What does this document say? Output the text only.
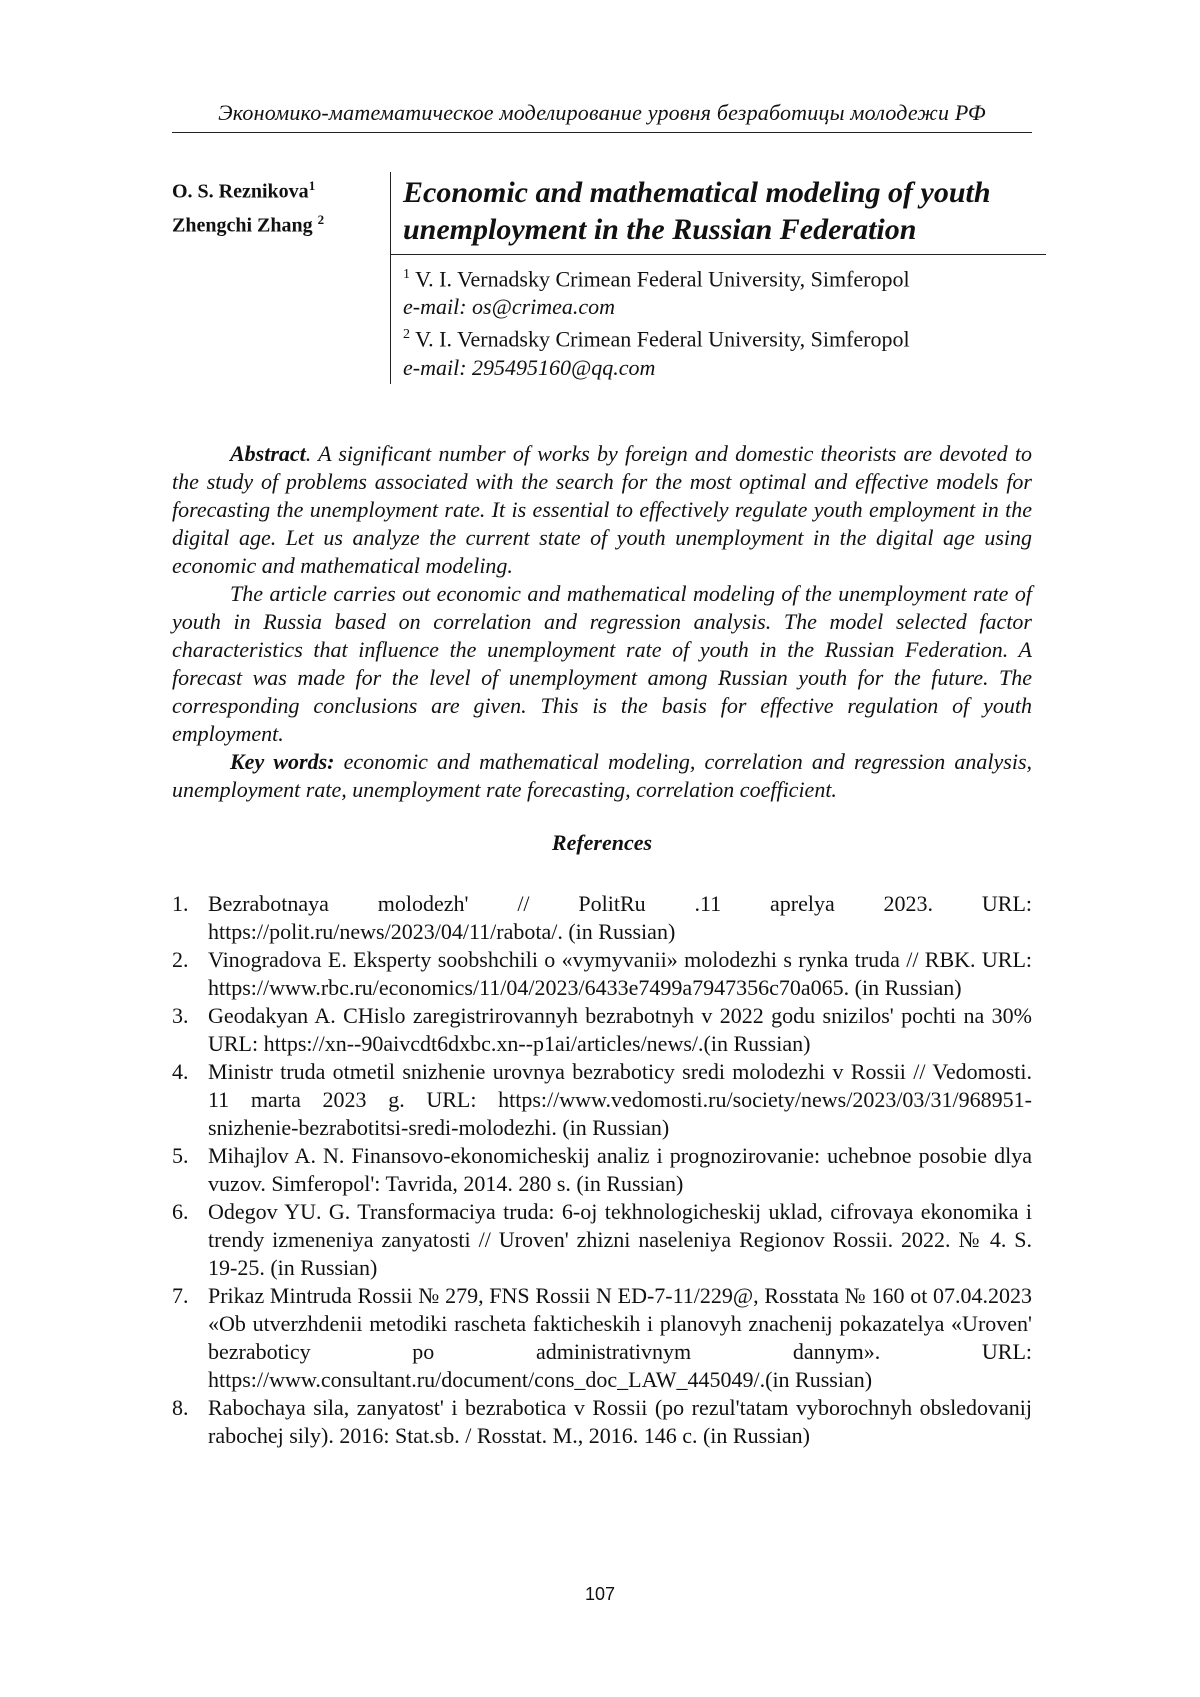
Экономико-математическое моделирование уровня безработицы молодежи РФ
O. S. Reznikova$^1$
Zhengchi Zhang $^2$
Economic and mathematical modeling of youth unemployment in the Russian Federation
$^1$ V. I. Vernadsky Crimean Federal University, Simferopol
e-mail: os@crimea.com
$^2$ V. I. Vernadsky Crimean Federal University, Simferopol
e-mail: 295495160@qq.com

Abstract. A significant number of works by foreign and domestic theorists are devoted to the study of problems associated with the search for the most optimal and effective models for forecasting the unemployment rate. It is essential to effectively regulate youth employment in the digital age. Let us analyze the current state of youth unemployment in the digital age using economic and mathematical modeling.

The article carries out economic and mathematical modeling of the unemployment rate of youth in Russia based on correlation and regression analysis. The model selected factor characteristics that influence the unemployment rate of youth in the Russian Federation. A forecast was made for the level of unemployment among Russian youth for the future. The corresponding conclusions are given. This is the basis for effective regulation of youth employment.

Key words: economic and mathematical modeling, correlation and regression analysis, unemployment rate, unemployment rate forecasting, correlation coefficient.

References
1. Bezrabotnaya molodezh' // PolitRu .11 aprelya 2023. URL: https://polit.ru/news/2023/04/11/rabota/. (in Russian)
2. Vinogradova E. Eksperty soobshchili o «vymyvanii» molodezhi s rynka truda // RBK. URL: https://www.rbc.ru/economics/11/04/2023/6433e7499a7947356c70a065. (in Russian)
3. Geodakyan A. CHislo zaregistrirovannyh bezrabotnyh v 2022 godu snizilos' pochti na 30% URL: https://xn--90aivcdt6dxbc.xn--p1ai/articles/news/.(in Russian)
4. Ministr truda otmetil snizhenie urovnya bezraboticy sredi molodezhi v Rossii // Vedomosti. 11 marta 2023 g. URL: https://www.vedomosti.ru/society/news/2023/03/31/968951-snizhenie-bezrabotitsi-sredi-molodezhi. (in Russian)
5. Mihajlov A. N. Finansovo-ekonomicheskij analiz i prognozirovanie: uchebnoe posobie dlya vuzov. Simferopol': Tavrida, 2014. 280 s. (in Russian)
6. Odegov YU. G. Transformaciya truda: 6-oj tekhnologicheskij uklad, cifrovaya ekonomika i trendy izmeneniya zanyatosti // Uroven' zhizni naseleniya Regionov Rossii. 2022. № 4. S. 19-25. (in Russian)
7. Prikaz Mintruda Rossii № 279, FNS Rossii N ED-7-11/229@, Rosstata № 160 ot 07.04.2023 «Ob utverzhdenii metodiki rascheta fakticheskih i planovyh znachenij pokazatelya «Uroven' bezraboticy po administrativnym dannym». URL: https://www.consultant.ru/document/cons_doc_LAW_445049/.(in Russian)
8. Rabochaya sila, zanyatost' i bezrabotica v Rossii (po rezul'tatam vyborochnyh obsledovanij rabochej sily). 2016: Stat.sb. / Rosstat. M., 2016. 146 c. (in Russian)
107
